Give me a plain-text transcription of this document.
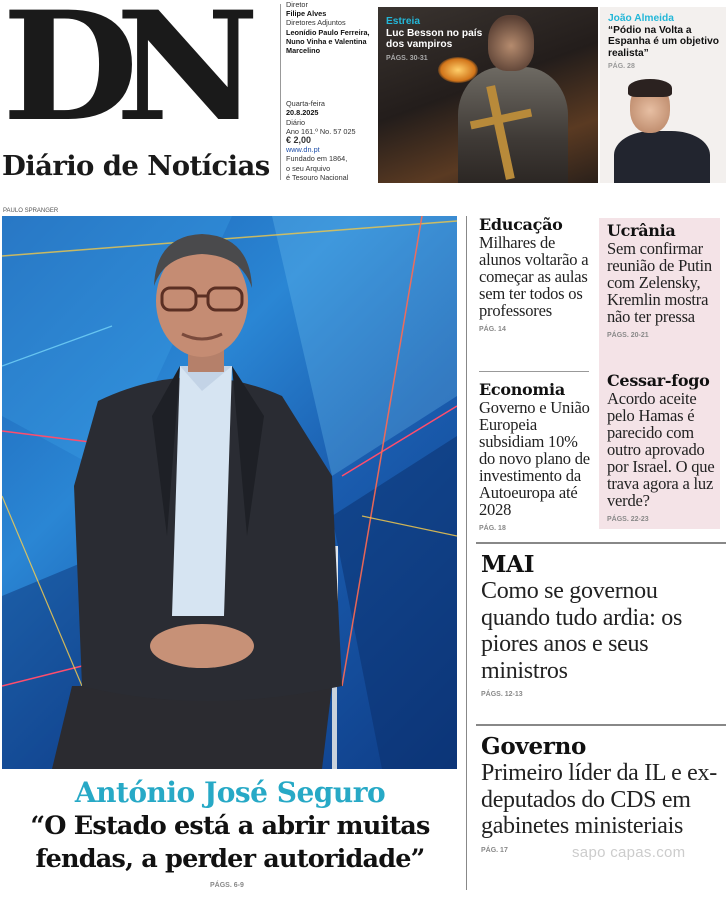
DN
Diário de Notícias
Diretor
Filipe Alves
Diretores Adjuntos
Leonídio Paulo Ferreira, Nuno Vinha e Valentina Marcelino
Quarta-feira
20.8.2025
Diário
Ano 161.º No. 57 025
€ 2,00
www.dn.pt
Fundado em 1864,
o seu Arquivo
é Tesouro Nacional
Estreia
Luc Besson no país dos vampiros
PÁGS. 30-31
João Almeida
“Pódio na Volta a Espanha é um objetivo realista”
PÁG. 28
PAULO SPRANGER
António José Seguro
“O Estado está a abrir muitas fendas, a perder autoridade”
PÁGS. 6-9
Educação
Milhares de alunos voltarão a começar as aulas sem ter todos os professores
PÁG. 14
Economia
Governo e União Europeia subsidiam 10% do novo plano de investimento da Autoeuropa até 2028
PÁG. 18
Ucrânia
Sem confirmar reunião de Putin com Zelensky, Kremlin mostra não ter pressa
PÁGS. 20-21
Cessar-fogo
Acordo aceite pelo Hamas é parecido com outro aprovado por Israel. O que trava agora a luz verde?
PÁGS. 22-23
MAI
Como se governou quando tudo ardia: os piores anos e seus ministros
PÁGS. 12-13
Governo
Primeiro líder da IL e ex-deputados do CDS em gabinetes ministeriais
PÁG. 17	sapo capas.com
